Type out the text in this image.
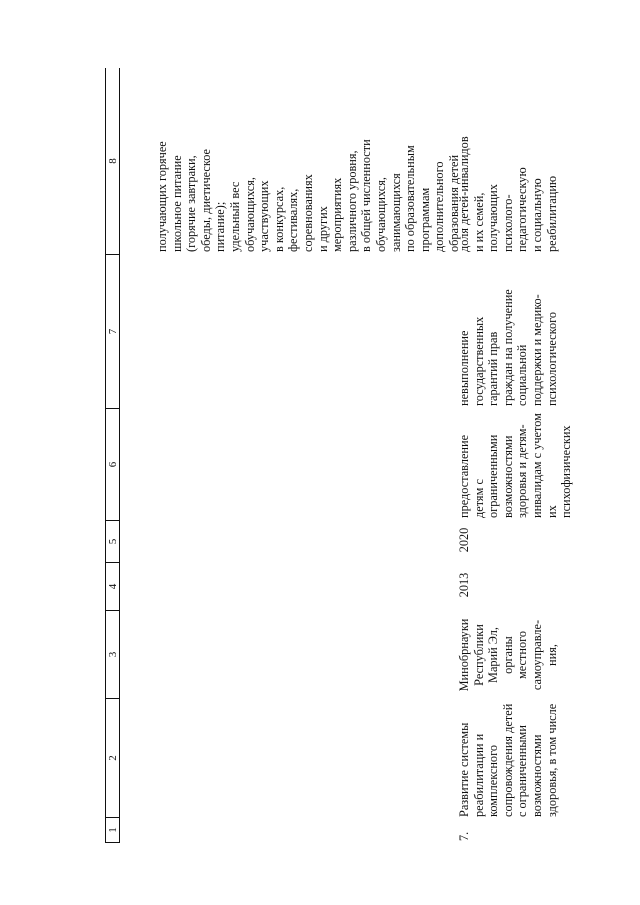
1
2
3
4
5
6
7
8
получающих горячее
школьное питание
(горячие завтраки,
обеды, диетическое
питание);
удельный вес
обучающихся,
участвующих
в конкурсах,
фестивалях,
соревнованиях
и других
мероприятиях
различного уровня,
в общей численности
обучающихся,
занимающихся
по образовательным
программам
дополнительного
образования детей
7.
Развитие системы
реабилитации и
комплексного
сопровождения детей
с ограниченными
возможностями
здоровья, в том числе
Минобрнауки
Республики
Марий Эл,
органы
местного
самоуправле-
ния,
2013
2020
предоставление
детям с
ограниченными
возможностями
здоровья и детям-
инвалидам с учетом
их психофизических
невыполнение
государственных
гарантий прав
граждан на получение
социальной
поддержки и медико-
психологического
доля детей-инвалидов
и их семей,
получающих
психолого-
педагогическую
и социальную
реабилитацию
